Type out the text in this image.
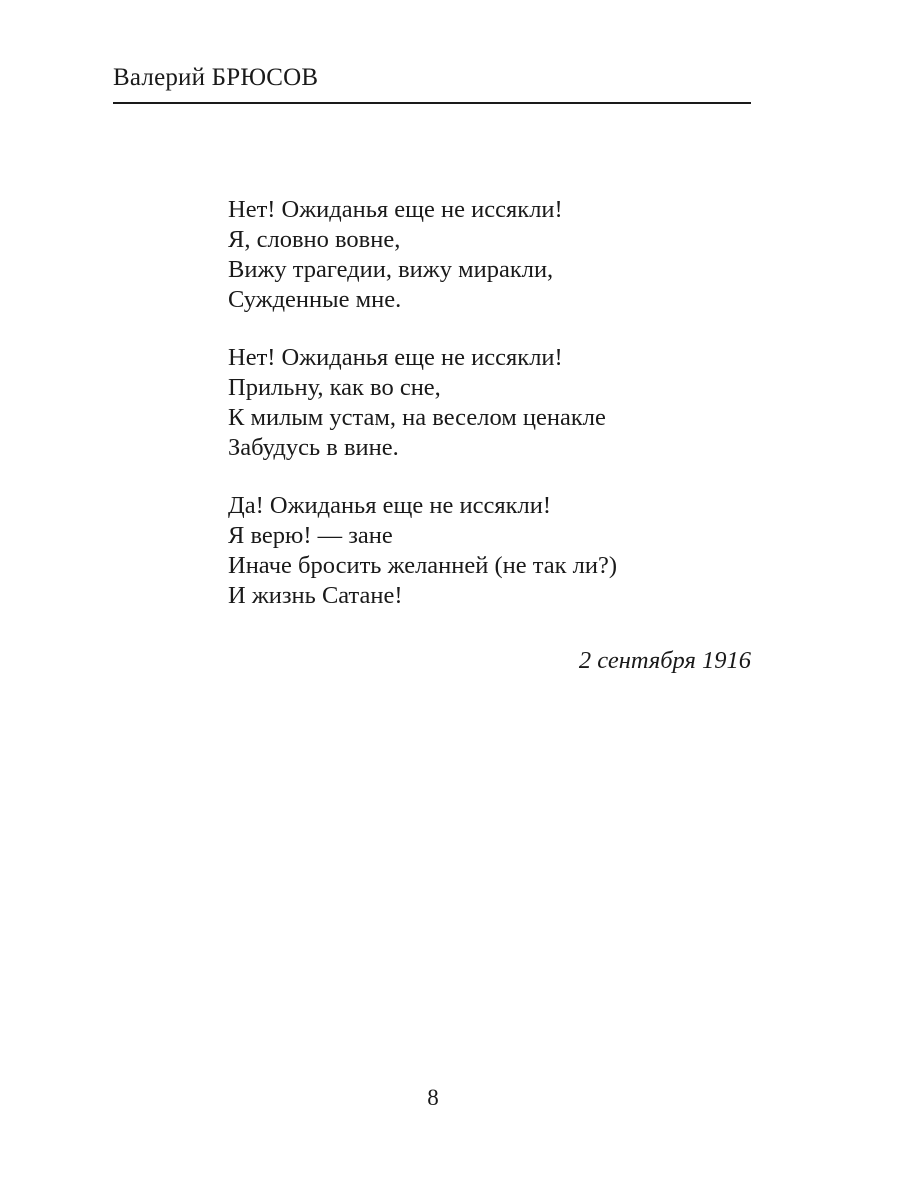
Валерий БРЮСОВ
Нет! Ожиданья еще не иссякли!
Я, словно вовне,
Вижу трагедии, вижу миракли,
Сужденные мне.
Нет! Ожиданья еще не иссякли!
Прильну, как во сне,
К милым устам, на веселом ценакле
Забудусь в вине.
Да! Ожиданья еще не иссякли!
Я верю! — зане
Иначе бросить желанней (не так ли?)
И жизнь Сатане!
2 сентября 1916
8
